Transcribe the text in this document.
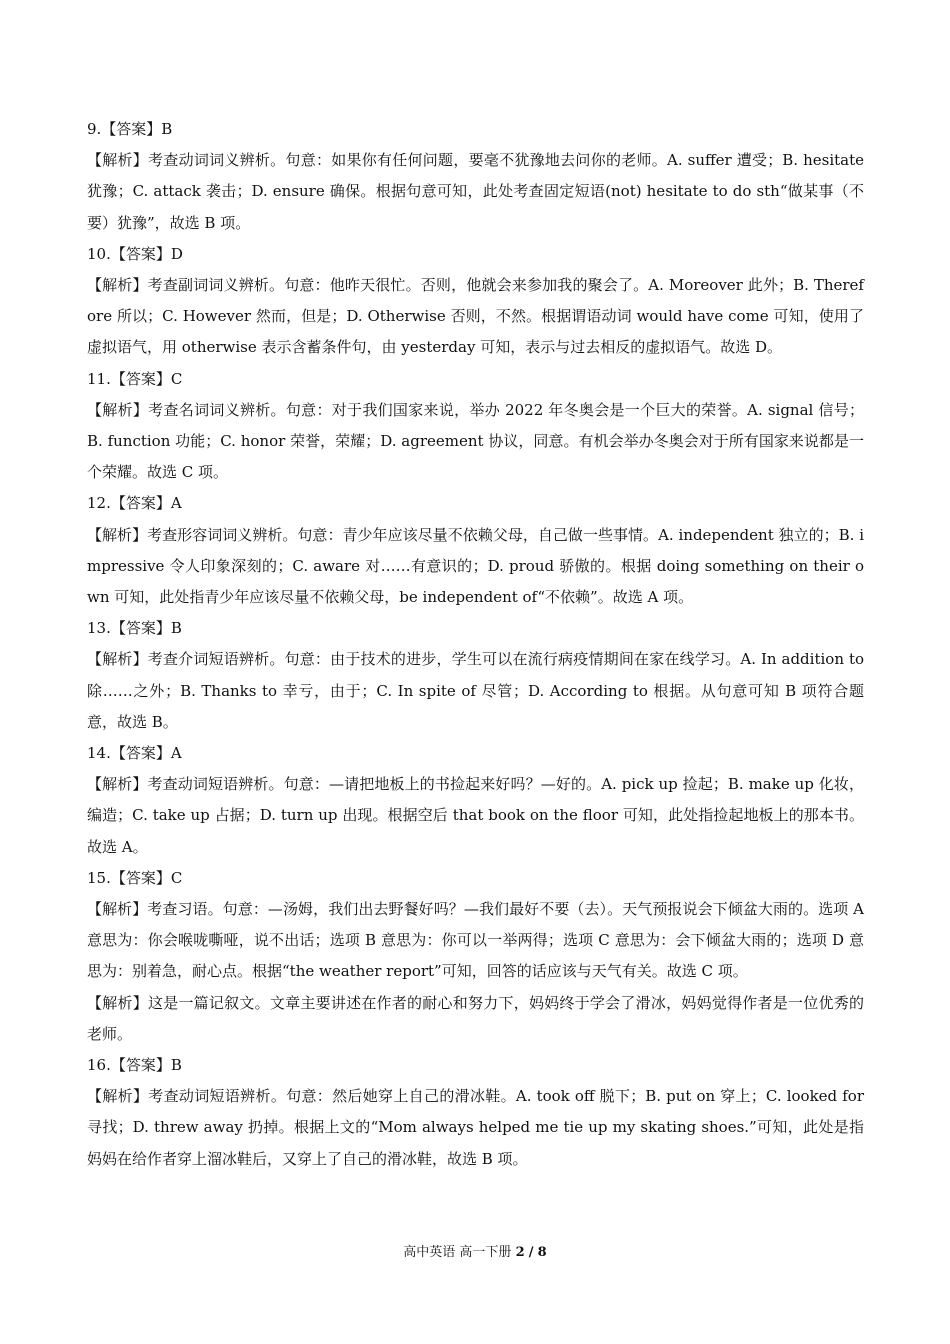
9.【答案】B
【解析】考查动词词义辨析。句意：如果你有任何问题，要毫不犹豫地去问你的老师。A. suffer 遭受；B. hesitate 犹豫；C. attack 袭击；D. ensure 确保。根据句意可知，此处考查固定短语(not) hesitate to do sth“做某事（不要）犹豫”，故选 B 项。
10.【答案】D
【解析】考查副词词义辨析。句意：他昨天很忙。否则，他就会来参加我的聚会了。A. Moreover 此外；B. Therefore 所以；C. However 然而，但是；D. Otherwise 否则，不然。根据谓语动词 would have come 可知，使用了虚拟语气，用 otherwise 表示含蓄条件句，由 yesterday 可知，表示与过去相反的虚拟语气。故选 D。
11.【答案】C
【解析】考查名词词义辨析。句意：对于我们国家来说，举办 2022 年冬奥会是一个巨大的荣誉。A. signal 信号；B. function 功能；C. honor 荣誉，荣耀；D. agreement 协议，同意。有机会举办冬奥会对于所有国家来说都是一个荣耀。故选 C 项。
12.【答案】A
【解析】考查形容词词义辨析。句意：青少年应该尽量不依赖父母，自己做一些事情。A. independent 独立的；B. impressive 令人印象深刻的；C. aware 对……有意识的；D. proud 骄傲的。根据 doing something on their own 可知，此处指青少年应该尽量不依赖父母，be independent of“不依赖”。故选 A 项。
13.【答案】B
【解析】考查介词短语辨析。句意：由于技术的进步，学生可以在流行病疫情期间在家在线学习。A. In addition to 除……之外；B. Thanks to 幸亏，由于；C. In spite of 尽管；D. According to 根据。从句意可知 B 项符合题意，故选 B。
14.【答案】A
【解析】考查动词短语辨析。句意：—请把地板上的书捡起来好吗？—好的。A. pick up 捡起；B. make up 化妆，编造；C. take up 占据；D. turn up 出现。根据空后 that book on the floor 可知，此处指捡起地板上的那本书。故选 A。
15.【答案】C
【解析】考查习语。句意：—汤姆，我们出去野餐好吗？—我们最好不要（去）。天气预报说会下倾盆大雨的。选项 A 意思为：你会喉咙嘶哑，说不出话；选项 B 意思为：你可以一举两得；选项 C 意思为：会下倾盆大雨的；选项 D 意思为：别着急，耐心点。根据“the weather report”可知，回答的话应该与天气有关。故选 C 项。
【解析】这是一篇记叙文。文章主要讲述在作者的耐心和努力下，妈妈终于学会了滑冰，妈妈觉得作者是一位优秀的老师。
16.【答案】B
【解析】考查动词短语辨析。句意：然后她穿上自己的滑冰鞋。A. took off 脱下；B. put on 穿上；C. looked for 寻找；D. threw away 扔掉。根据上文的“Mom always helped me tie up my skating shoes.”可知，此处是指妈妈在给作者穿上溜冰鞋后，又穿上了自己的滑冰鞋，故选 B 项。
高中英语 高一下册 2 / 8
